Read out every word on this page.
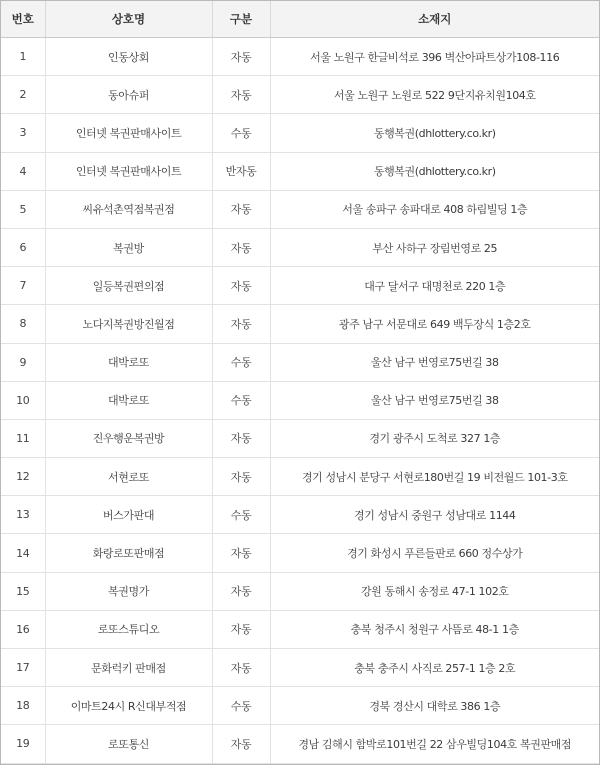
번호	상호명	구분	소재지
1	인동상회	자동	서울 노원구 한글비석로 396 벽산아파트상가108-116
2	동아슈퍼	자동	서울 노원구 노원로 522 9단지유치원104호
3	인터넷 복권판매사이트	수동	동행복권(dhlottery.co.kr)
4	인터넷 복권판매사이트	반자동	동행복권(dhlottery.co.kr)
5	씨유석촌역점복권점	자동	서울 송파구 송파대로 408 하림빌딩 1층
6	복권방	자동	부산 사하구 장림번영로 25
7	일등복권편의점	자동	대구 달서구 대명천로 220 1층
8	노다지복권방진월점	자동	광주 남구 서문대로 649 백두장식 1층2호
9	대박로또	수동	울산 남구 번영로75번길 38
10	대박로또	수동	울산 남구 번영로75번길 38
11	진우행운복권방	자동	경기 광주시 도척로 327 1층
12	서현로또	자동	경기 성남시 분당구 서현로180번길 19 비전월드 101-3호
13	버스가판대	수동	경기 성남시 중원구 성남대로 1144
14	화랑로또판매점	자동	경기 화성시 푸른들판로 660 정수상가
15	복권명가	자동	강원 동해시 송정로 47-1 102호
16	로또스튜디오	자동	충북 청주시 청원구 사뜸로 48-1 1층
17	문화럭키 판매점	자동	충북 충주시 사직로 257-1 1층 2호
18	이마트24시 R신대부적점	수동	경북 경산시 대학로 386 1층
19	로또통신	자동	경남 김해시 함박로101번길 22 삼우빌딩104호 복권판매점
